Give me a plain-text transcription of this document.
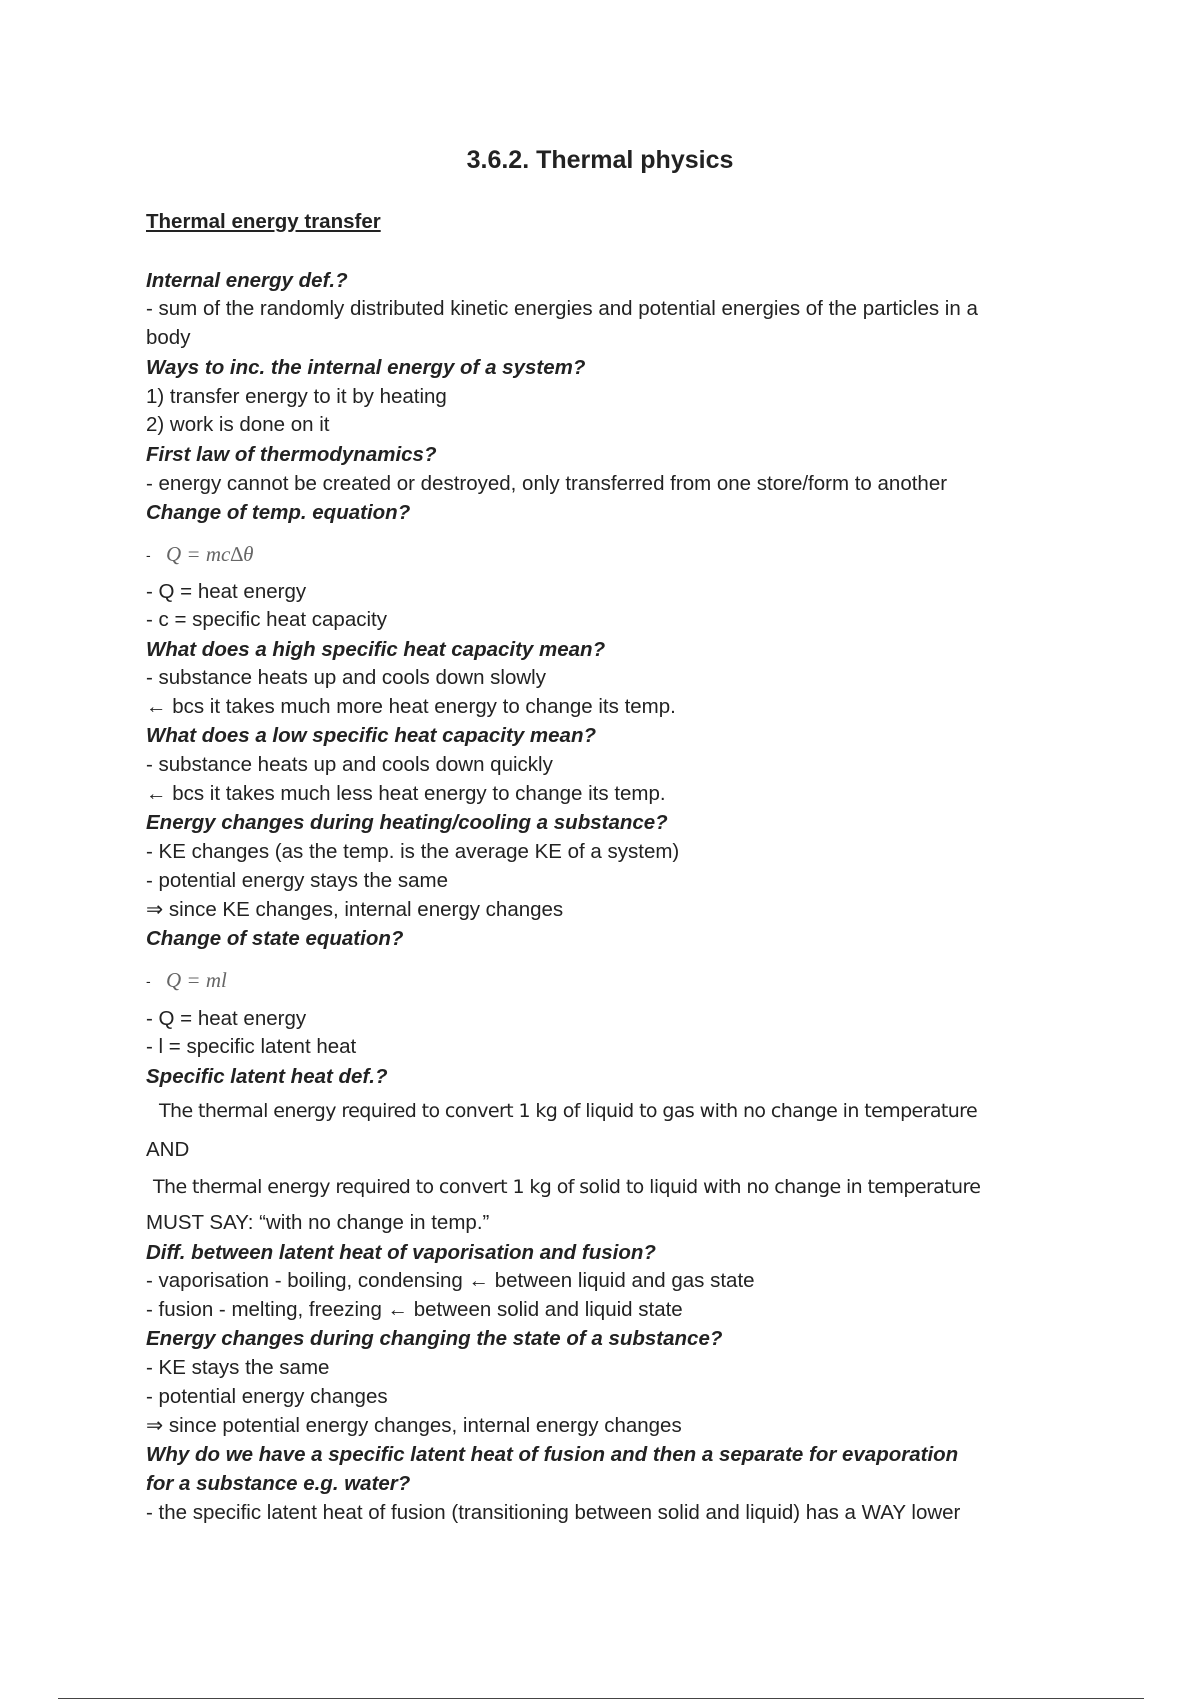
3.6.2. Thermal physics
Thermal energy transfer
Internal energy def.?
- sum of the randomly distributed kinetic energies and potential energies of the particles in a
body
Ways to inc. the internal energy of a system?
1) transfer energy to it by heating
2) work is done on it
First law of thermodynamics?
- energy cannot be created or destroyed, only transferred from one store/form to another
Change of temp. equation?
- Q = mc∆θ
- Q = heat energy
- c = specific heat capacity
What does a high specific heat capacity mean?
- substance heats up and cools down slowly
← bcs it takes much more heat energy to change its temp.
What does a low specific heat capacity mean?
- substance heats up and cools down quickly
← bcs it takes much less heat energy to change its temp.
Energy changes during heating/cooling a substance?
- KE changes (as the temp. is the average KE of a system)
- potential energy stays the same
⇒ since KE changes, internal energy changes
Change of state equation?
- Q = ml
- Q = heat energy
- l = specific latent heat
Specific latent heat def.?
The thermal energy required to convert 1 kg of liquid to gas with no change in temperature
AND
The thermal energy required to convert 1 kg of solid to liquid with no change in temperature
MUST SAY: “with no change in temp.”
Diff. between latent heat of vaporisation and fusion?
- vaporisation - boiling, condensing ← between liquid and gas state
- fusion - melting, freezing ← between solid and liquid state
Energy changes during changing the state of a substance?
- KE stays the same
- potential energy changes
⇒ since potential energy changes, internal energy changes
Why do we have a specific latent heat of fusion and then a separate for evaporation
for a substance e.g. water?
- the specific latent heat of fusion (transitioning between solid and liquid) has a WAY lower
